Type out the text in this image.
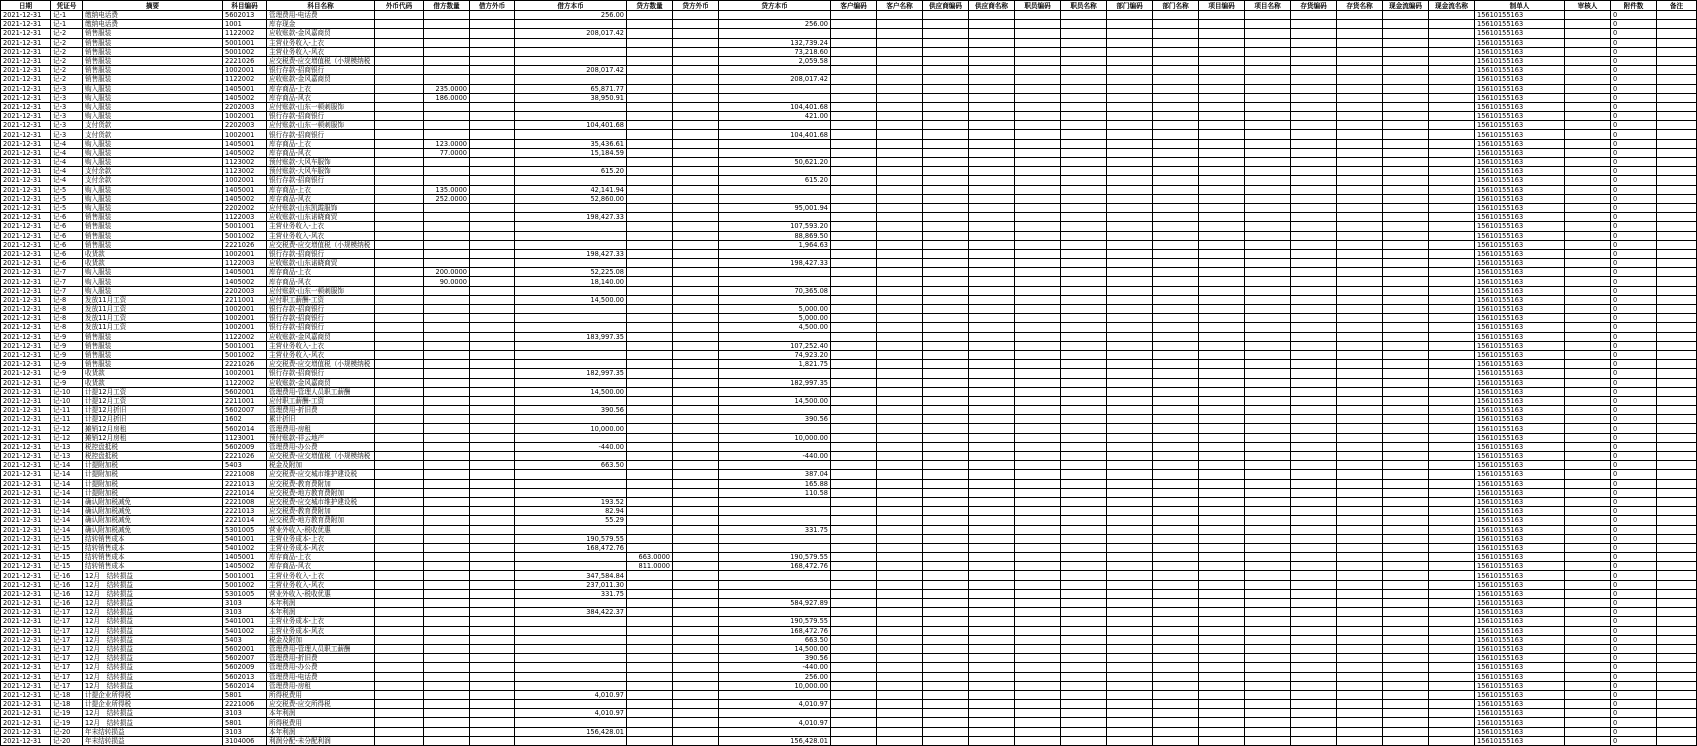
日期	凭证号	摘要	科目编码	科目名称	外币代码	借方数量	借方外币	借方本币	贷方数量	贷方外币	贷方本币	客户编码	客户名称	供应商编码	供应商名称	职员编码	职员名称	部门编码	部门名称	项目编码	项目名称	存货编码	存货名称	现金流编码	现金流名称	制单人	审核人	附件数	备注
2021-12-31	记-1	缴纳电话费	5602013	管理费用-电话费				256.00																		15610155163		0	
2021-12-31	记-1	缴纳电话费	1001	库存现金							256.00															15610155163		0	
2021-12-31	记-2	销售服装	1122002	应收账款-金风嘉商贸				208,017.42																		15610155163		0	
2021-12-31	记-2	销售服装	5001001	主营业务收入-上衣							132,739.24															15610155163		0	
2021-12-31	记-2	销售服装	5001002	主营业务收入-风衣							73,218.60															15610155163		0	
2021-12-31	记-2	销售服装	2221026	应交税费-应交增值税（小规模纳税							2,059.58															15610155163		0	
2021-12-31	记-2	销售服装	1002001	银行存款-招商银行				208,017.42																		15610155163		0	
2021-12-31	记-2	销售服装	1122002	应收账款-金风嘉商贸							208,017.42															15610155163		0	
2021-12-31	记-3	购入服装	1405001	库存商品-上衣		235.0000		65,871.77																		15610155163		0	
2021-12-31	记-3	购入服装	1405002	库存商品-风衣		186.0000		38,950.91																		15610155163		0	
2021-12-31	记-3	购入服装	2202003	应付账款-山东一顿刺服饰							104,401.68															15610155163		0	
2021-12-31	记-3	购入服装	1002001	银行存款-招商银行							421.00															15610155163		0	
2021-12-31	记-3	支付货款	2202003	应付账款-山东一顿刺服饰				104,401.68																		15610155163		0	
2021-12-31	记-3	支付货款	1002001	银行存款-招商银行							104,401.68															15610155163		0	
2021-12-31	记-4	购入服装	1405001	库存商品-上衣		123.0000		35,436.61																		15610155163		0	
2021-12-31	记-4	购入服装	1405002	库存商品-风衣		77.0000		15,184.59																		15610155163		0	
2021-12-31	记-4	购入服装	1123002	预付账款-大风车服饰							50,621.20															15610155163		0	
2021-12-31	记-4	支付余款	1123002	预付账款-大风车服饰				615.20																		15610155163		0	
2021-12-31	记-4	支付余款	1002001	银行存款-招商银行							615.20															15610155163		0	
2021-12-31	记-5	购入服装	1405001	库存商品-上衣		135.0000		42,141.94																		15610155163		0	
2021-12-31	记-5	购入服装	1405002	库存商品-风衣		252.0000		52,860.00																		15610155163		0	
2021-12-31	记-5	购入服装	2202002	应付账款-山东凯霞服饰							95,001.94															15610155163		0	
2021-12-31	记-6	销售服装	1122003	应收账款-山东诺晓商贸				198,427.33																		15610155163		0	
2021-12-31	记-6	销售服装	5001001	主营业务收入-上衣							107,593.20															15610155163		0	
2021-12-31	记-6	销售服装	5001002	主营业务收入-风衣							88,869.50															15610155163		0	
2021-12-31	记-6	销售服装	2221026	应交税费-应交增值税（小规模纳税							1,964.63															15610155163		0	
2021-12-31	记-6	收货款	1002001	银行存款-招商银行				198,427.33																		15610155163		0	
2021-12-31	记-6	收货款	1122003	应收账款-山东诺晓商贸							198,427.33															15610155163		0	
2021-12-31	记-7	购入服装	1405001	库存商品-上衣		200.0000		52,225.08																		15610155163		0	
2021-12-31	记-7	购入服装	1405002	库存商品-风衣		90.0000		18,140.00																		15610155163		0	
2021-12-31	记-7	购入服装	2202003	应付账款-山东一顿刺服饰							70,365.08															15610155163		0	
2021-12-31	记-8	发放11月工资	2211001	应付职工薪酬-工资				14,500.00																		15610155163		0	
2021-12-31	记-8	发放11月工资	1002001	银行存款-招商银行							5,000.00															15610155163		0	
2021-12-31	记-8	发放11月工资	1002001	银行存款-招商银行							5,000.00															15610155163		0	
2021-12-31	记-8	发放11月工资	1002001	银行存款-招商银行							4,500.00															15610155163		0	
2021-12-31	记-9	销售服装	1122002	应收账款-金风嘉商贸				183,997.35																		15610155163		0	
2021-12-31	记-9	销售服装	5001001	主营业务收入-上衣							107,252.40															15610155163		0	
2021-12-31	记-9	销售服装	5001002	主营业务收入-风衣							74,923.20															15610155163		0	
2021-12-31	记-9	销售服装	2221026	应交税费-应交增值税（小规模纳税							1,821.75															15610155163		0	
2021-12-31	记-9	收货款	1002001	银行存款-招商银行				182,997.35																		15610155163		0	
2021-12-31	记-9	收货款	1122002	应收账款-金风嘉商贸							182,997.35															15610155163		0	
2021-12-31	记-10	计提12月工资	5602001	管理费用-管理人员职工薪酬				14,500.00																		15610155163		0	
2021-12-31	记-10	计提12月工资	2211001	应付职工薪酬-工资							14,500.00															15610155163		0	
2021-12-31	记-11	计提12月折旧	5602007	管理费用-折旧费				390.56																		15610155163		0	
2021-12-31	记-11	计提12月折旧	1602	累计折旧							390.56															15610155163		0	
2021-12-31	记-12	摊销12月房租	5602014	管理费用-房租				10,000.00																		15610155163		0	
2021-12-31	记-12	摊销12月房租	1123001	预付账款-祥云地产							10,000.00															15610155163		0	
2021-12-31	记-13	税控盘抵税	5602009	管理费用-办公费				-440.00																		15610155163		0	
2021-12-31	记-13	税控盘抵税	2221026	应交税费-应交增值税（小规模纳税							-440.00															15610155163		0	
2021-12-31	记-14	计提附加税	5403	税金及附加				663.50																		15610155163		0	
2021-12-31	记-14	计提附加税	2221008	应交税费-应交城市维护建设税							387.04															15610155163		0	
2021-12-31	记-14	计提附加税	2221013	应交税费-教育费附加							165.88															15610155163		0	
2021-12-31	记-14	计提附加税	2221014	应交税费-地方教育费附加							110.58															15610155163		0	
2021-12-31	记-14	确认附加税减免	2221008	应交税费-应交城市维护建设税				193.52																		15610155163		0	
2021-12-31	记-14	确认附加税减免	2221013	应交税费-教育费附加				82.94																		15610155163		0	
2021-12-31	记-14	确认附加税减免	2221014	应交税费-地方教育费附加				55.29																		15610155163		0	
2021-12-31	记-14	确认附加税减免	5301005	营业外收入-税收优惠							331.75															15610155163		0	
2021-12-31	记-15	结转销售成本	5401001	主营业务成本-上衣				190,579.55																		15610155163		0	
2021-12-31	记-15	结转销售成本	5401002	主营业务成本-风衣				168,472.76																		15610155163		0	
2021-12-31	记-15	结转销售成本	1405001	库存商品-上衣					663.0000		190,579.55															15610155163		0	
2021-12-31	记-15	结转销售成本	1405002	库存商品-风衣					811.0000		168,472.76															15610155163		0	
2021-12-31	记-16	12月　结转损益	5001001	主营业务收入-上衣				347,584.84																		15610155163		0	
2021-12-31	记-16	12月　结转损益	5001002	主营业务收入-风衣				237,011.30																		15610155163		0	
2021-12-31	记-16	12月　结转损益	5301005	营业外收入-税收优惠				331.75																		15610155163		0	
2021-12-31	记-16	12月　结转损益	3103	本年利润							584,927.89															15610155163		0	
2021-12-31	记-17	12月　结转损益	3103	本年利润				384,422.37																		15610155163		0	
2021-12-31	记-17	12月　结转损益	5401001	主营业务成本-上衣							190,579.55															15610155163		0	
2021-12-31	记-17	12月　结转损益	5401002	主营业务成本-风衣							168,472.76															15610155163		0	
2021-12-31	记-17	12月　结转损益	5403	税金及附加							663.50															15610155163		0	
2021-12-31	记-17	12月　结转损益	5602001	管理费用-管理人员职工薪酬							14,500.00															15610155163		0	
2021-12-31	记-17	12月　结转损益	5602007	管理费用-折旧费							390.56															15610155163		0	
2021-12-31	记-17	12月　结转损益	5602009	管理费用-办公费							-440.00															15610155163		0	
2021-12-31	记-17	12月　结转损益	5602013	管理费用-电话费							256.00															15610155163		0	
2021-12-31	记-17	12月　结转损益	5602014	管理费用-房租							10,000.00															15610155163		0	
2021-12-31	记-18	计提企业所得税	5801	所得税费用				4,010.97																		15610155163		0	
2021-12-31	记-18	计提企业所得税	2221006	应交税费-应交所得税							4,010.97															15610155163		0	
2021-12-31	记-19	12月　结转损益	3103	本年利润				4,010.97																		15610155163		0	
2021-12-31	记-19	12月　结转损益	5801	所得税费用							4,010.97															15610155163		0	
2021-12-31	记-20	年末结转损益	3103	本年利润				156,428.01																		15610155163		0	
2021-12-31	记-20	年末结转损益	3104006	利润分配-未分配利润							156,428.01															15610155163		0	
